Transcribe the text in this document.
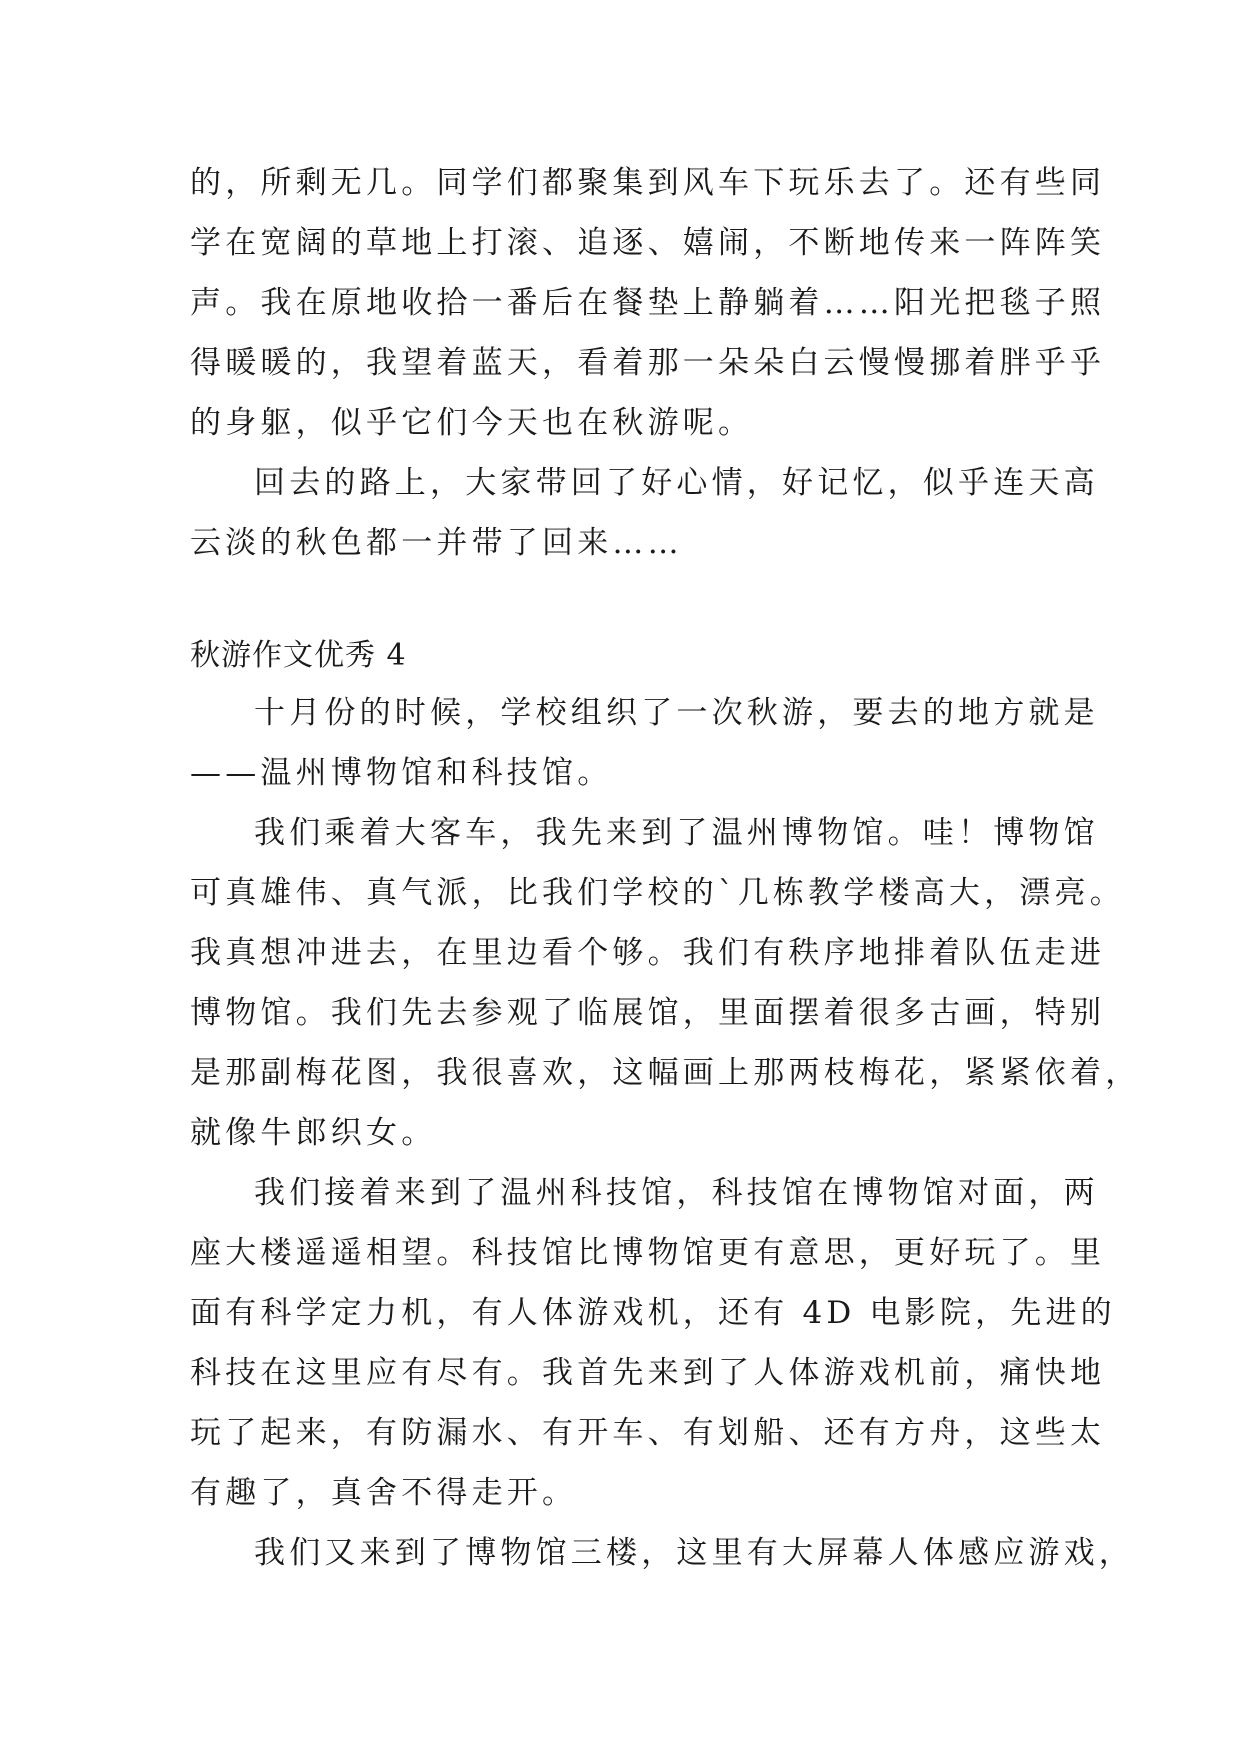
的，所剩无几。同学们都聚集到风车下玩乐去了。还有些同
学在宽阔的草地上打滚、追逐、嬉闹，不断地传来一阵阵笑
声。我在原地收拾一番后在餐垫上静躺着……阳光把毯子照
得暖暖的，我望着蓝天，看着那一朵朵白云慢慢挪着胖乎乎
的身躯，似乎它们今天也在秋游呢。
回去的路上，大家带回了好心情，好记忆，似乎连天高
云淡的秋色都一并带了回来……
秋游作文优秀 4
十月份的时候，学校组织了一次秋游，要去的地方就是
——温州博物馆和科技馆。
我们乘着大客车，我先来到了温州博物馆。哇！博物馆
可真雄伟、真气派，比我们学校的`几栋教学楼高大，漂亮。
我真想冲进去，在里边看个够。我们有秩序地排着队伍走进
博物馆。我们先去参观了临展馆，里面摆着很多古画，特别
是那副梅花图，我很喜欢，这幅画上那两枝梅花，紧紧依着，
就像牛郎织女。
我们接着来到了温州科技馆，科技馆在博物馆对面，两
座大楼遥遥相望。科技馆比博物馆更有意思，更好玩了。里
面有科学定力机，有人体游戏机，还有 4D 电影院，先进的
科技在这里应有尽有。我首先来到了人体游戏机前，痛快地
玩了起来，有防漏水、有开车、有划船、还有方舟，这些太
有趣了，真舍不得走开。
我们又来到了博物馆三楼，这里有大屏幕人体感应游戏，
